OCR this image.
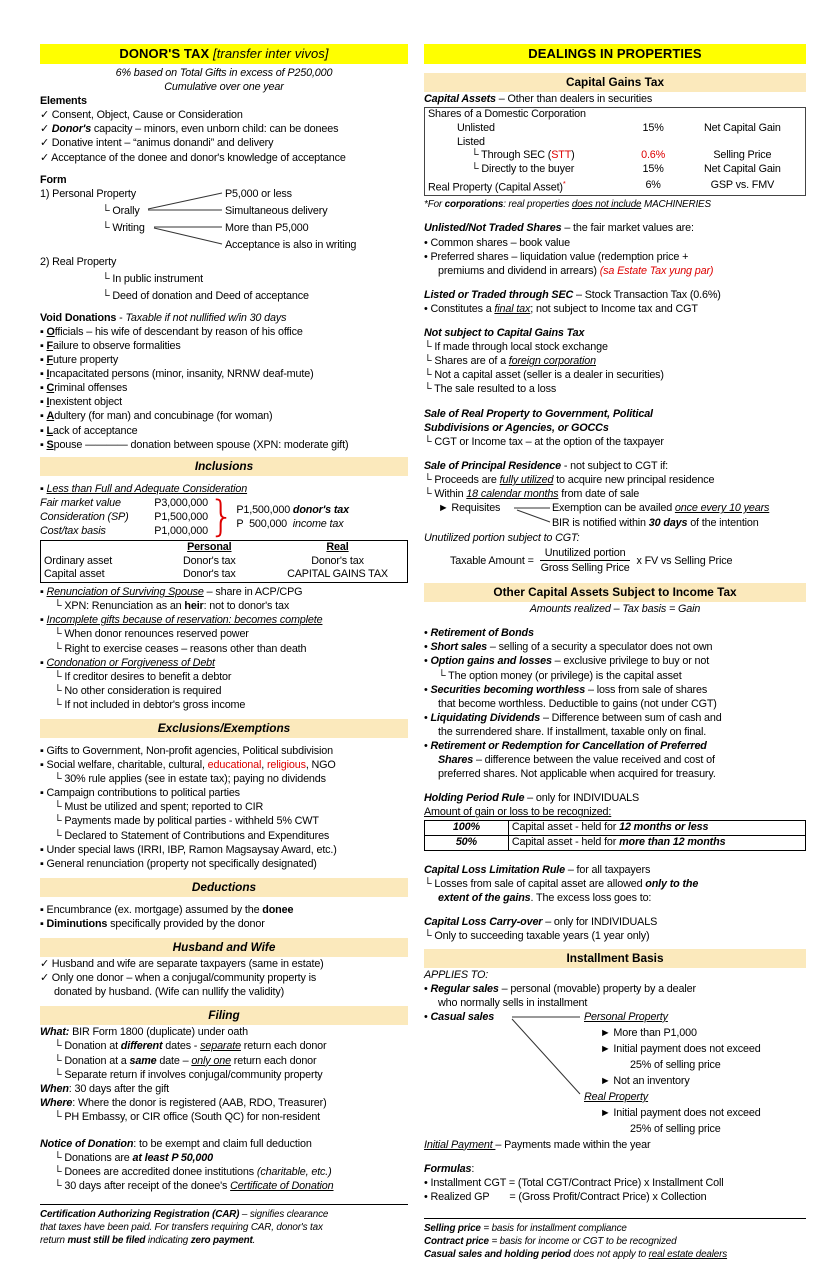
DONOR'S TAX [transfer inter vivos]
6% based on Total Gifts in excess of P250,000
Cumulative over one year
Elements
✓ Consent, Object, Cause or Consideration
✓ Donor's capacity – minors, even unborn child: can be donees
✓ Donative intent – “animus donandi” and delivery
✓ Acceptance of the donee and donor's knowledge of acceptance
Form
1) Personal Property
└ Orally
└ Writing
P5,000 or less
Simultaneous delivery
More than P5,000
Acceptance is also in writing
2) Real Property
└ In public instrument
└ Deed of donation and Deed of acceptance
Void Donations - Taxable if not nullified w/in 30 days
▪ Officials – his wife of descendant by reason of his office
▪ Failure to observe formalities
▪ Future property
▪ Incapacitated persons (minor, insanity, NRNW deaf-mute)
▪ Criminal offenses
▪ Inexistent object
▪ Adultery (for man) and concubinage (for woman)
▪ Lack of acceptance
▪ Spouse ———— donation between spouse (XPN: moderate gift)
Inclusions
▪ Less than Full and Adequate Consideration
Fair market value	P3,000,000
Consideration (SP)	P1,500,000
Cost/tax basis	P1,000,000 } P1,500,000 donor's tax
P  500,000  income tax
	Personal	Real
Ordinary asset	Donor's tax	Donor's tax
Capital asset	Donor's tax	CAPITAL GAINS TAX
▪ Renunciation of Surviving Spouse – share in ACP/CPG
└ XPN: Renunciation as an heir: not to donor's tax
▪ Incomplete gifts because of reservation: becomes complete
└ When donor renounces reserved power
└ Right to exercise ceases – reasons other than death
▪ Condonation or Forgiveness of Debt
└ If creditor desires to benefit a debtor
└ No other consideration is required
└ If not included in debtor's gross income
Exclusions/Exemptions
▪ Gifts to Government, Non-profit agencies, Political subdivision
▪ Social welfare, charitable, cultural, educational, religious, NGO
└ 30% rule applies (see in estate tax); paying no dividends
▪ Campaign contributions to political parties
└ Must be utilized and spent; reported to CIR
└ Payments made by political parties - withheld 5% CWT
└ Declared to Statement of Contributions and Expenditures
▪ Under special laws (IRRI, IBP, Ramon Magsaysay Award, etc.)
▪ General renunciation (property not specifically designated)
Deductions
▪ Encumbrance (ex. mortgage) assumed by the donee
▪ Diminutions specifically provided by the donor
Husband and Wife
✓ Husband and wife are separate taxpayers (same in estate)
✓ Only one donor – when a conjugal/community property is
donated by husband. (Wife can nullify the validity)
Filing
What: BIR Form 1800 (duplicate) under oath
└ Donation at different dates - separate return each donor
└ Donation at a same date – only one return each donor
└ Separate return if involves conjugal/community property
When: 30 days after the gift
Where: Where the donor is registered (AAB, RDO, Treasurer)
└ PH Embassy, or CIR office (South QC) for non-resident
Notice of Donation: to be exempt and claim full deduction
└ Donations are at least P 50,000
└ Donees are accredited donee institutions (charitable, etc.)
└ 30 days after receipt of the donee's Certificate of Donation
Certification Authorizing Registration (CAR) – signifies clearance
that taxes have been paid. For transfers requiring CAR, donor's tax
return must still be filed indicating zero payment.
DEALINGS IN PROPERTIES
Capital Gains Tax
Capital Assets – Other than dealers in securities
Shares of a Domestic Corporation		
Unlisted	15%	Net Capital Gain
Listed		
└ Through SEC (STT)	0.6%	Selling Price
└ Directly to the buyer	15%	Net Capital Gain
Real Property (Capital Asset)*	6%	GSP vs. FMV
*For corporations: real properties does not include MACHINERIES
Unlisted/Not Traded Shares – the fair market values are:
• Common shares – book value
• Preferred shares – liquidation value (redemption price +
premiums and dividend in arrears) (sa Estate Tax yung par)
Listed or Traded through SEC – Stock Transaction Tax (0.6%)
• Constitutes a final tax; not subject to Income tax and CGT
Not subject to Capital Gains Tax
└ If made through local stock exchange
└ Shares are of a foreign corporation
└ Not a capital asset (seller is a dealer in securities)
└ The sale resulted to a loss
Sale of Real Property to Government, Political
Subdivisions or Agencies, or GOCCs
└ CGT or Income tax – at the option of the taxpayer
Sale of Principal Residence - not subject to CGT if:
└ Proceeds are fully utilized to acquire new principal residence
└ Within 18 calendar months from date of sale
► Requisites	Exemption can be availed once every 10 years
BIR is notified within 30 days of the intention
Unutilized portion subject to CGT:
Taxable Amount = $\frac{\text{Unutilized portion}}{\text{Gross Selling Price}}$ x FV vs Selling Price
Other Capital Assets Subject to Income Tax
Amounts realized – Tax basis = Gain
• Retirement of Bonds
• Short sales – selling of a security a speculator does not own
• Option gains and losses – exclusive privilege to buy or not
└ The option money (or privilege) is the capital asset
• Securities becoming worthless – loss from sale of shares
that become worthless. Deductible to gains (not under CGT)
• Liquidating Dividends – Difference between sum of cash and
the surrendered share. If installment, taxable only on final.
• Retirement or Redemption for Cancellation of Preferred
Shares – difference between the value received and cost of
preferred shares. Not applicable when acquired for treasury.
Holding Period Rule – only for INDIVIDUALS
Amount of gain or loss to be recognized:
100%	Capital asset - held for 12 months or less
50%	Capital asset - held for more than 12 months
Capital Loss Limitation Rule – for all taxpayers
└ Losses from sale of capital asset are allowed only to the
extent of the gains. The excess loss goes to:
Capital Loss Carry-over – only for INDIVIDUALS
└ Only to succeeding taxable years (1 year only)
Installment Basis
APPLIES TO:
• Regular sales – personal (movable) property by a dealer
who normally sells in installment
• Casual sales	Personal Property
► More than P1,000
► Initial payment does not exceed
25% of selling price
► Not an inventory
Real Property
► Initial payment does not exceed
25% of selling price
Initial Payment – Payments made within the year
Formulas:
• Installment CGT = (Total CGT/Contract Price) x Installment Coll
• Realized GP       = (Gross Profit/Contract Price) x Collection
Selling price = basis for installment compliance
Contract price = basis for income or CGT to be recognized
Casual sales and holding period does not apply to real estate dealers
